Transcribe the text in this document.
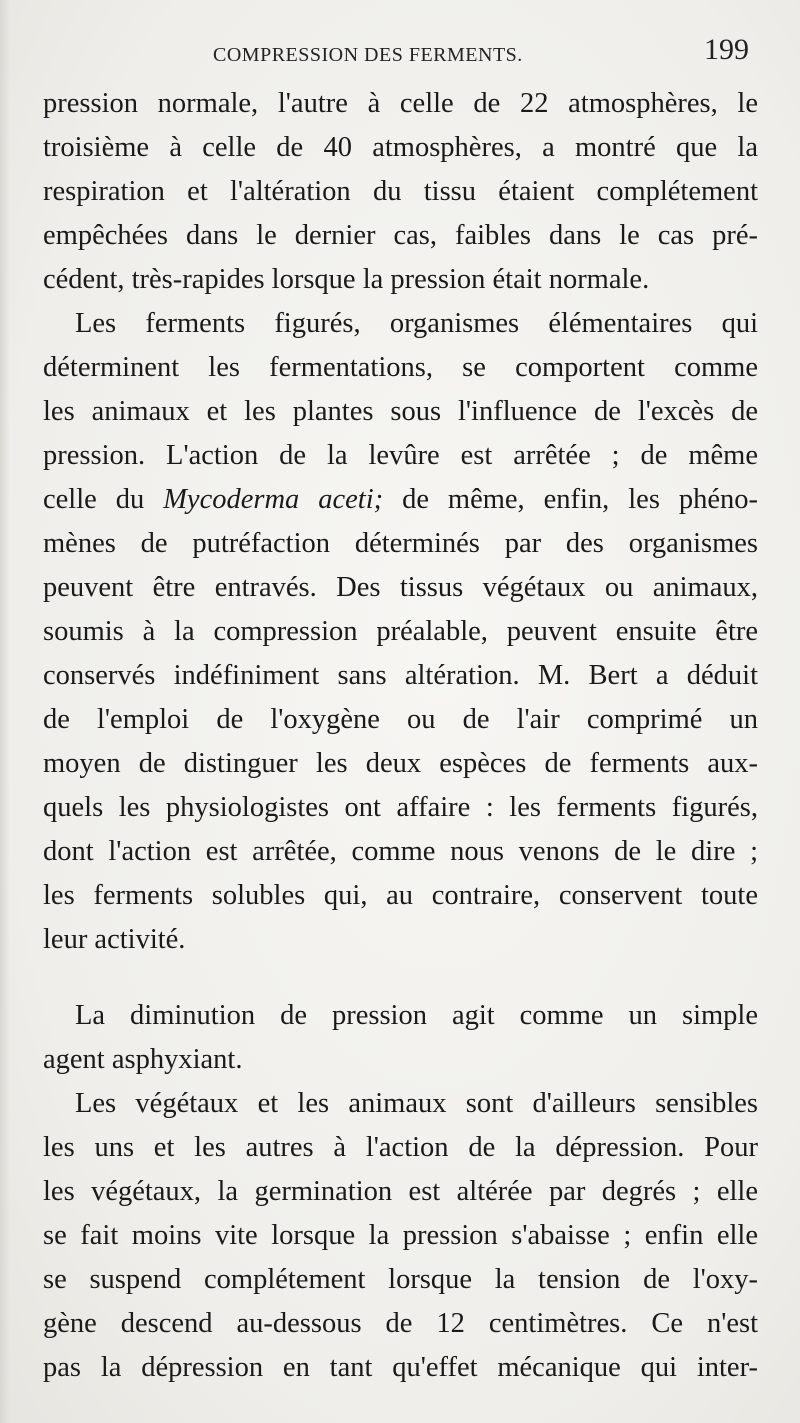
COMPRESSION DES FERMENTS.	199
pression normale, l'autre à celle de 22 atmosphères, le
troisième à celle de 40 atmosphères, a montré que la
respiration et l'altération du tissu étaient complétement
empêchées dans le dernier cas, faibles dans le cas pré-
cédent, très-rapides lorsque la pression était normale.
Les ferments figurés, organismes élémentaires qui
déterminent les fermentations, se comportent comme
les animaux et les plantes sous l'influence de l'excès de
pression. L'action de la levûre est arrêtée ; de même
celle du Mycoderma aceti; de même, enfin, les phéno-
mènes de putréfaction déterminés par des organismes
peuvent être entravés. Des tissus végétaux ou animaux,
soumis à la compression préalable, peuvent ensuite être
conservés indéfiniment sans altération. M. Bert a déduit
de l'emploi de l'oxygène ou de l'air comprimé un
moyen de distinguer les deux espèces de ferments aux-
quels les physiologistes ont affaire : les ferments figurés,
dont l'action est arrêtée, comme nous venons de le dire ;
les ferments solubles qui, au contraire, conservent toute
leur activité.
La diminution de pression agit comme un simple
agent asphyxiant.
Les végétaux et les animaux sont d'ailleurs sensibles
les uns et les autres à l'action de la dépression. Pour
les végétaux, la germination est altérée par degrés ; elle
se fait moins vite lorsque la pression s'abaisse ; enfin elle
se suspend complétement lorsque la tension de l'oxy-
gène descend au-dessous de 12 centimètres. Ce n'est
pas la dépression en tant qu'effet mécanique qui inter-
